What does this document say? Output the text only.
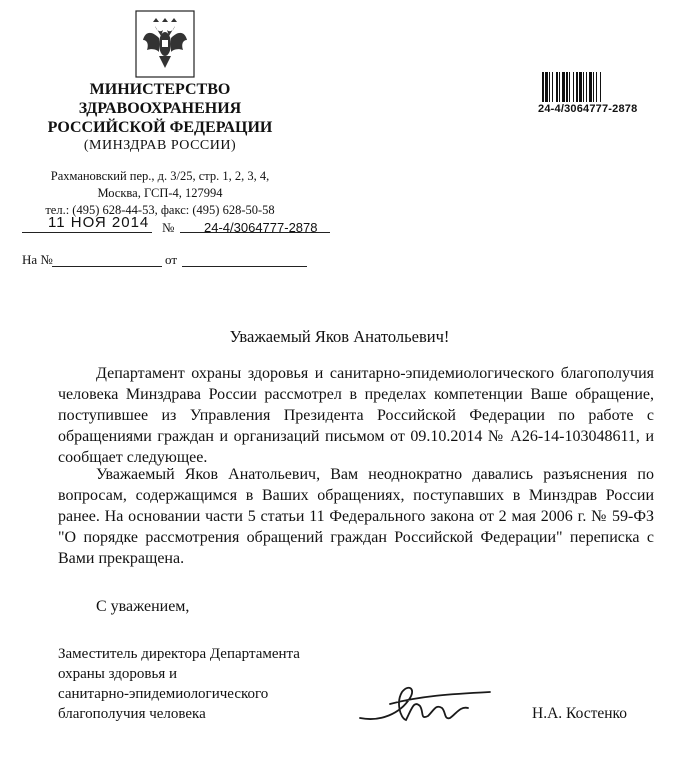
МИНИСТЕРСТВО
ЗДРАВООХРАНЕНИЯ
РОССИЙСКОЙ ФЕДЕРАЦИИ
(МИНЗДРАВ РОССИИ)
Рахмановский пер., д. 3/25, стр. 1, 2, 3, 4,
Москва, ГСП-4, 127994
тел.: (495) 628-44-53, факс: (495) 628-50-58
24-4/3064777-2878
11 НОЯ 2014 № 24-4/3064777-2878
На №	от
Уважаемый Яков Анатольевич!
Департамент охраны здоровья и санитарно-эпидемиологического благополучия человека Минздрава России рассмотрел в пределах компетенции Ваше обращение, поступившее из Управления Президента Российской Федерации по работе с обращениями граждан и организаций письмом от 09.10.2014 № А26-14-103048611, и сообщает следующее.
Уважаемый Яков Анатольевич, Вам неоднократно давались разъяснения по вопросам, содержащимся в Ваших обращениях, поступавших в Минздрав России ранее. На основании части 5 статьи 11 Федерального закона от 2 мая 2006 г. № 59-ФЗ "О порядке рассмотрения обращений граждан Российской Федерации" переписка с Вами прекращена.
С уважением,
Заместитель директора Департамента
охраны здоровья и
санитарно-эпидемиологического
благополучия человека	Н.А. Костенко
